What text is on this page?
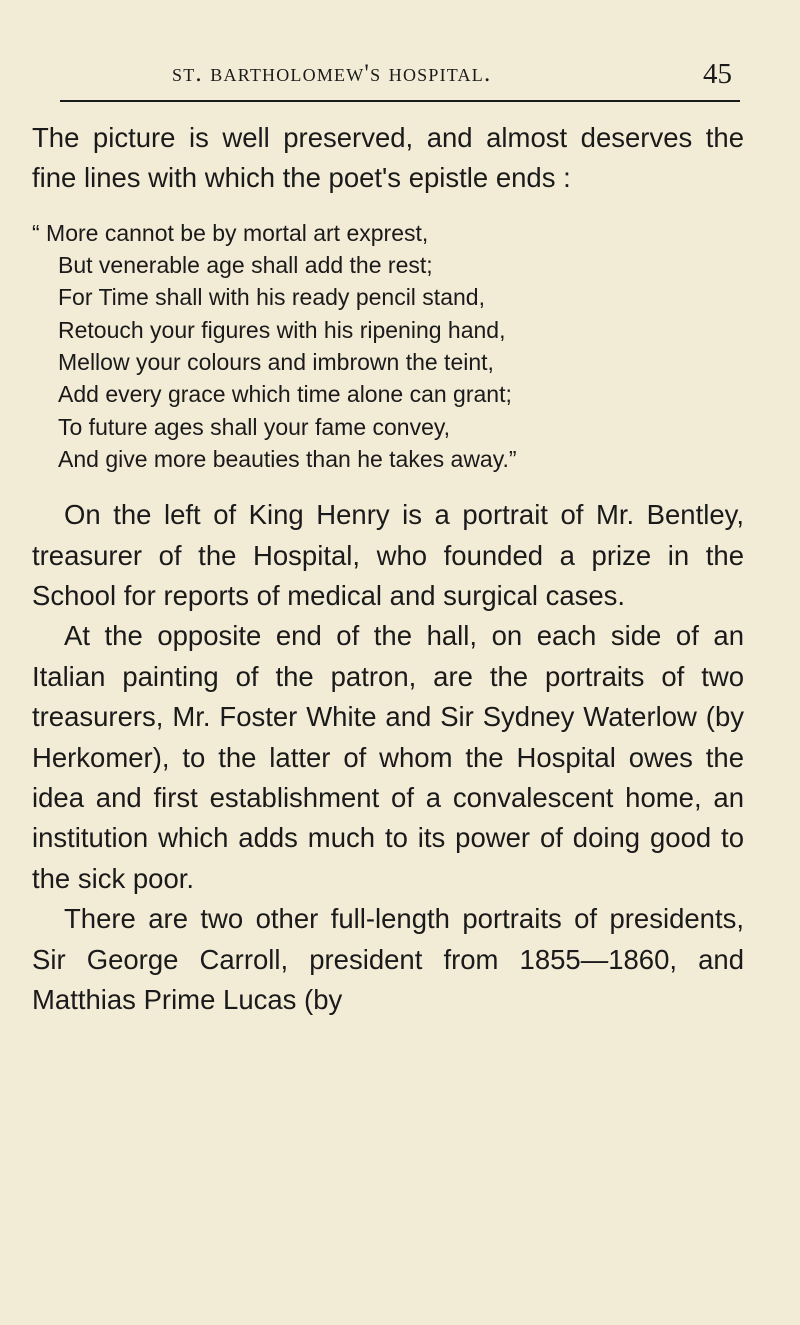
st. bartholomew's hospital.	45

The picture is well preserved, and almost deserves the fine lines with which the poet's epistle ends :

“ More cannot be by mortal art exprest,
But venerable age shall add the rest;
For Time shall with his ready pencil stand,
Retouch your figures with his ripening hand,
Mellow your colours and imbrown the teint,
Add every grace which time alone can grant;
To future ages shall your fame convey,
And give more beauties than he takes away.”

On the left of King Henry is a portrait of Mr. Bentley, treasurer of the Hospital, who founded a prize in the School for reports of medical and surgical cases.

At the opposite end of the hall, on each side of an Italian painting of the patron, are the portraits of two treasurers, Mr. Foster White and Sir Sydney Waterlow (by Herkomer), to the latter of whom the Hospital owes the idea and first establishment of a convalescent home, an institution which adds much to its power of doing good to the sick poor.

There are two other full-length portraits of presidents, Sir George Carroll, president from 1855—1860, and Matthias Prime Lucas (by
